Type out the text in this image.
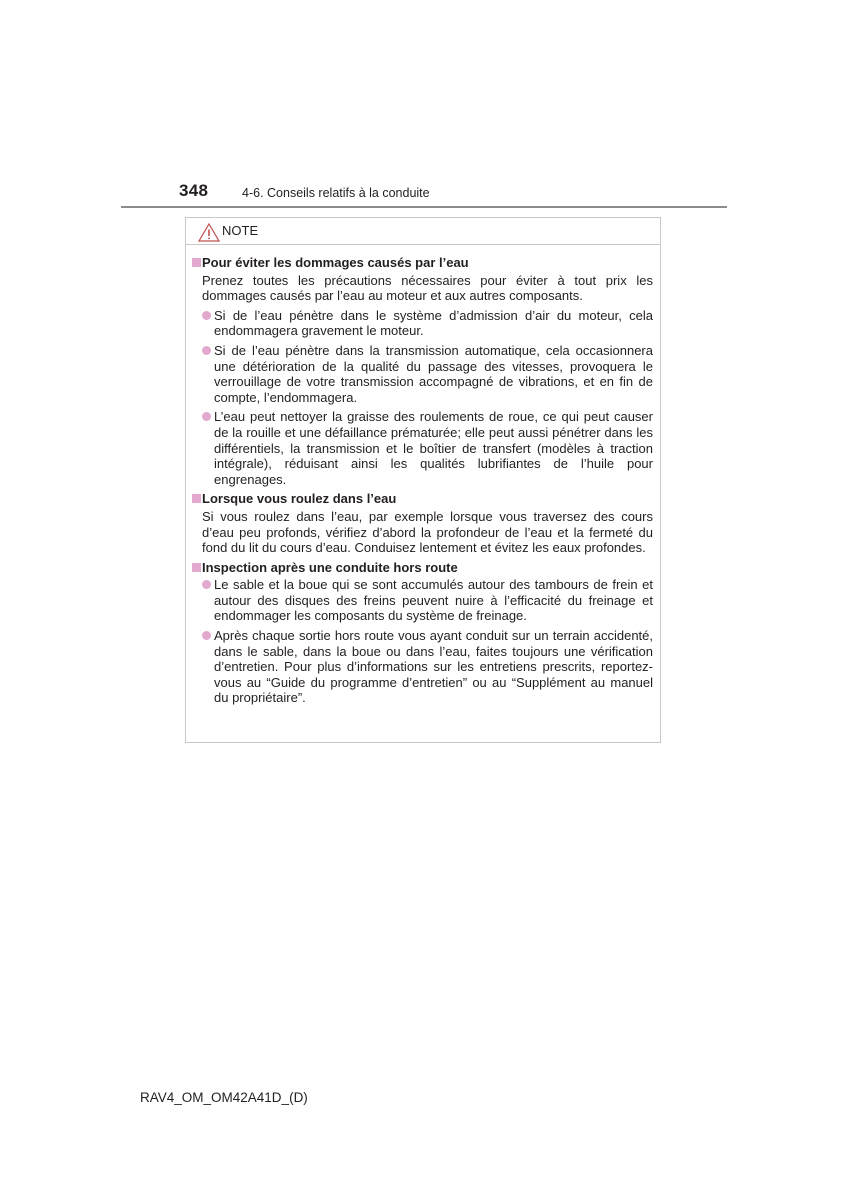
348	4-6. Conseils relatifs à la conduite
NOTE
Pour éviter les dommages causés par l’eau
Prenez toutes les précautions nécessaires pour éviter à tout prix les dommages causés par l’eau au moteur et aux autres composants.
Si de l’eau pénètre dans le système d’admission d’air du moteur, cela endommagera gravement le moteur.
Si de l’eau pénètre dans la transmission automatique, cela occasionnera une détérioration de la qualité du passage des vitesses, provoquera le verrouillage de votre transmission accompagné de vibrations, et en fin de compte, l’endommagera.
L’eau peut nettoyer la graisse des roulements de roue, ce qui peut causer de la rouille et une défaillance prématurée; elle peut aussi pénétrer dans les différentiels, la transmission et le boîtier de transfert (modèles à traction intégrale), réduisant ainsi les qualités lubrifiantes de l’huile pour engrenages.
Lorsque vous roulez dans l’eau
Si vous roulez dans l’eau, par exemple lorsque vous traversez des cours d’eau peu profonds, vérifiez d’abord la profondeur de l’eau et la fermeté du fond du lit du cours d’eau. Conduisez lentement et évitez les eaux profondes.
Inspection après une conduite hors route
Le sable et la boue qui se sont accumulés autour des tambours de frein et autour des disques des freins peuvent nuire à l’efficacité du freinage et endommager les composants du système de freinage.
Après chaque sortie hors route vous ayant conduit sur un terrain accidenté, dans le sable, dans la boue ou dans l’eau, faites toujours une vérification d’entretien. Pour plus d’informations sur les entretiens prescrits, reportez-vous au “Guide du programme d’entretien” ou au “Supplément au manuel du propriétaire”.
RAV4_OM_OM42A41D_(D)
